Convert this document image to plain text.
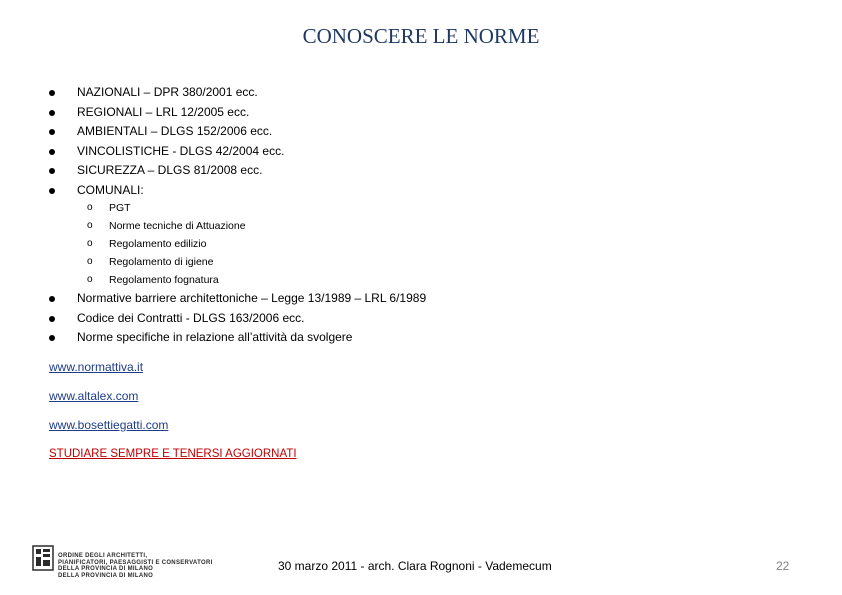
CONOSCERE LE NORME
NAZIONALI – DPR 380/2001 ecc.
REGIONALI – LRL 12/2005 ecc.
AMBIENTALI – DLGS 152/2006 ecc.
VINCOLISTICHE - DLGS 42/2004 ecc.
SICUREZZA – DLGS 81/2008 ecc.
COMUNALI:
o PGT
o Norme tecniche di Attuazione
o Regolamento edilizio
o Regolamento di igiene
o Regolamento fognatura
Normative barriere architettoniche – Legge 13/1989 – LRL 6/1989
Codice dei Contratti - DLGS 163/2006 ecc.
Norme specifiche in relazione all’attività da svolgere
www.normattiva.it
www.altalex.com
www.bosettiegatti.com
STUDIARE SEMPRE E TENERSI AGGIORNATI
ORDINE DEGLI ARCHITETTI,
PIANIFICATORI, PAESAGGISTI E CONSERVATORI
DELLA PROVINCIA DI MILANO
DELLA PROVINCIA DI MILANO
30 marzo 2011 - arch. Clara Rognoni - Vademecum	22
